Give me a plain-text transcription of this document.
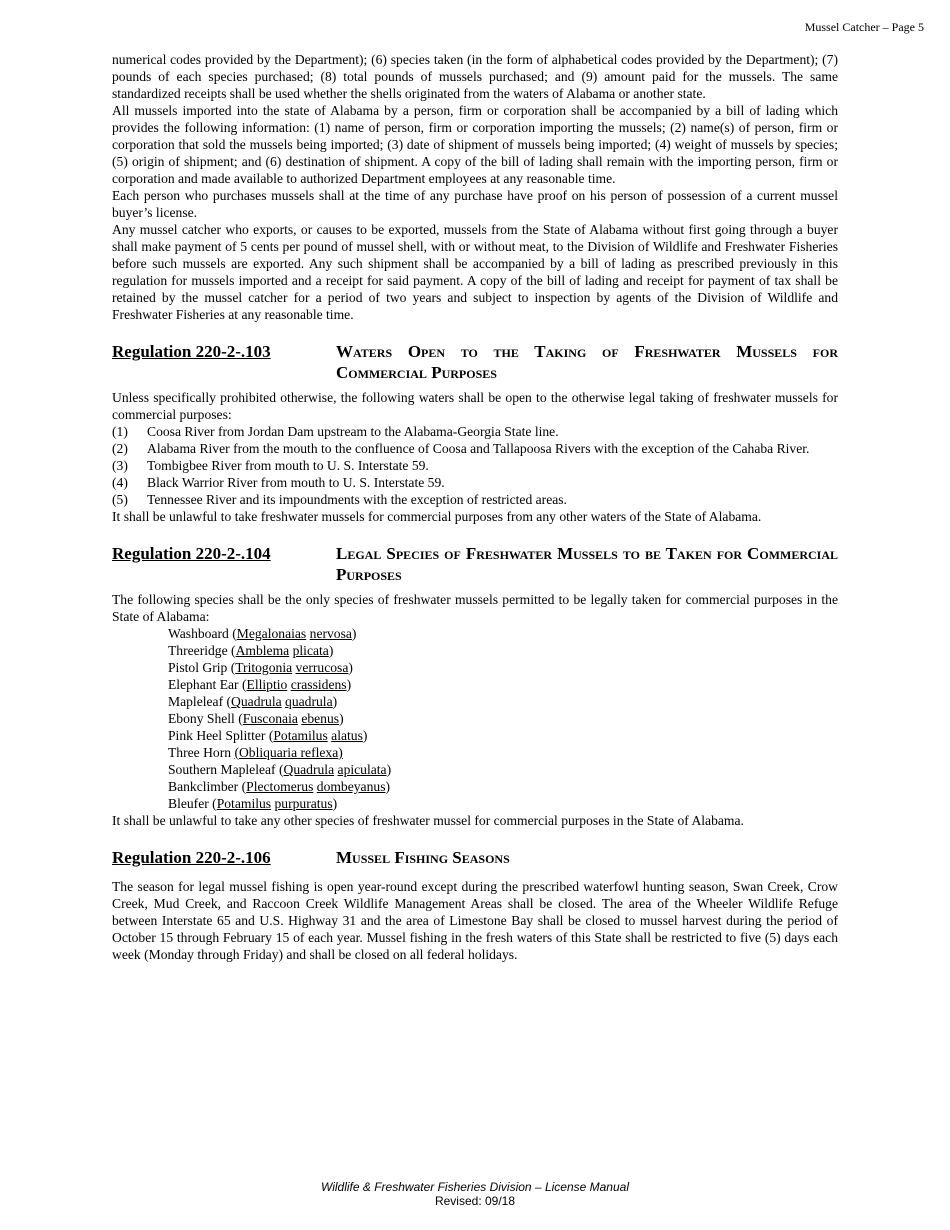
Mussel Catcher – Page 5

numerical codes provided by the Department); (6) species taken (in the form of alphabetical codes provided by the Department); (7) pounds of each species purchased; (8) total pounds of mussels purchased; and (9) amount paid for the mussels. The same standardized receipts shall be used whether the shells originated from the waters of Alabama or another state.

All mussels imported into the state of Alabama by a person, firm or corporation shall be accompanied by a bill of lading which provides the following information: (1) name of person, firm or corporation importing the mussels; (2) name(s) of person, firm or corporation that sold the mussels being imported; (3) date of shipment of mussels being imported; (4) weight of mussels by species; (5) origin of shipment; and (6) destination of shipment. A copy of the bill of lading shall remain with the importing person, firm or corporation and made available to authorized Department employees at any reasonable time.

Each person who purchases mussels shall at the time of any purchase have proof on his person of possession of a current mussel buyer’s license.

Any mussel catcher who exports, or causes to be exported, mussels from the State of Alabama without first going through a buyer shall make payment of 5 cents per pound of mussel shell, with or without meat, to the Division of Wildlife and Freshwater Fisheries before such mussels are exported. Any such shipment shall be accompanied by a bill of lading as prescribed previously in this regulation for mussels imported and a receipt for said payment. A copy of the bill of lading and receipt for payment of tax shall be retained by the mussel catcher for a period of two years and subject to inspection by agents of the Division of Wildlife and Freshwater Fisheries at any reasonable time.

Regulation 220-2-.103	Waters Open to the Taking of Freshwater Mussels for Commercial Purposes

Unless specifically prohibited otherwise, the following waters shall be open to the otherwise legal taking of freshwater mussels for commercial purposes:

(1)	Coosa River from Jordan Dam upstream to the Alabama-Georgia State line.
(2)	Alabama River from the mouth to the confluence of Coosa and Tallapoosa Rivers with the exception of the Cahaba River.
(3)	Tombigbee River from mouth to U. S. Interstate 59.
(4)	Black Warrior River from mouth to U. S. Interstate 59.
(5)	Tennessee River and its impoundments with the exception of restricted areas.

It shall be unlawful to take freshwater mussels for commercial purposes from any other waters of the State of Alabama.

Regulation 220-2-.104	Legal Species of Freshwater Mussels to be Taken for Commercial Purposes

The following species shall be the only species of freshwater mussels permitted to be legally taken for commercial purposes in the State of Alabama:

Washboard (Megalonaias nervosa)
Threeridge (Amblema plicata)
Pistol Grip (Tritogonia verrucosa)
Elephant Ear (Elliptio crassidens)
Mapleleaf (Quadrula quadrula)
Ebony Shell (Fusconaia ebenus)
Pink Heel Splitter (Potamilus alatus)
Three Horn (Obliquaria reflexa)
Southern Mapleleaf (Quadrula apiculata)
Bankclimber (Plectomerus dombeyanus)
Bleufer (Potamilus purpuratus)

It shall be unlawful to take any other species of freshwater mussel for commercial purposes in the State of Alabama.

Regulation 220-2-.106	Mussel Fishing Seasons

The season for legal mussel fishing is open year-round except during the prescribed waterfowl hunting season, Swan Creek, Crow Creek, Mud Creek, and Raccoon Creek Wildlife Management Areas shall be closed. The area of the Wheeler Wildlife Refuge between Interstate 65 and U.S. Highway 31 and the area of Limestone Bay shall be closed to mussel harvest during the period of October 15 through February 15 of each year. Mussel fishing in the fresh waters of this State shall be restricted to five (5) days each week (Monday through Friday) and shall be closed on all federal holidays.

Wildlife & Freshwater Fisheries Division – License Manual
Revised: 09/18
